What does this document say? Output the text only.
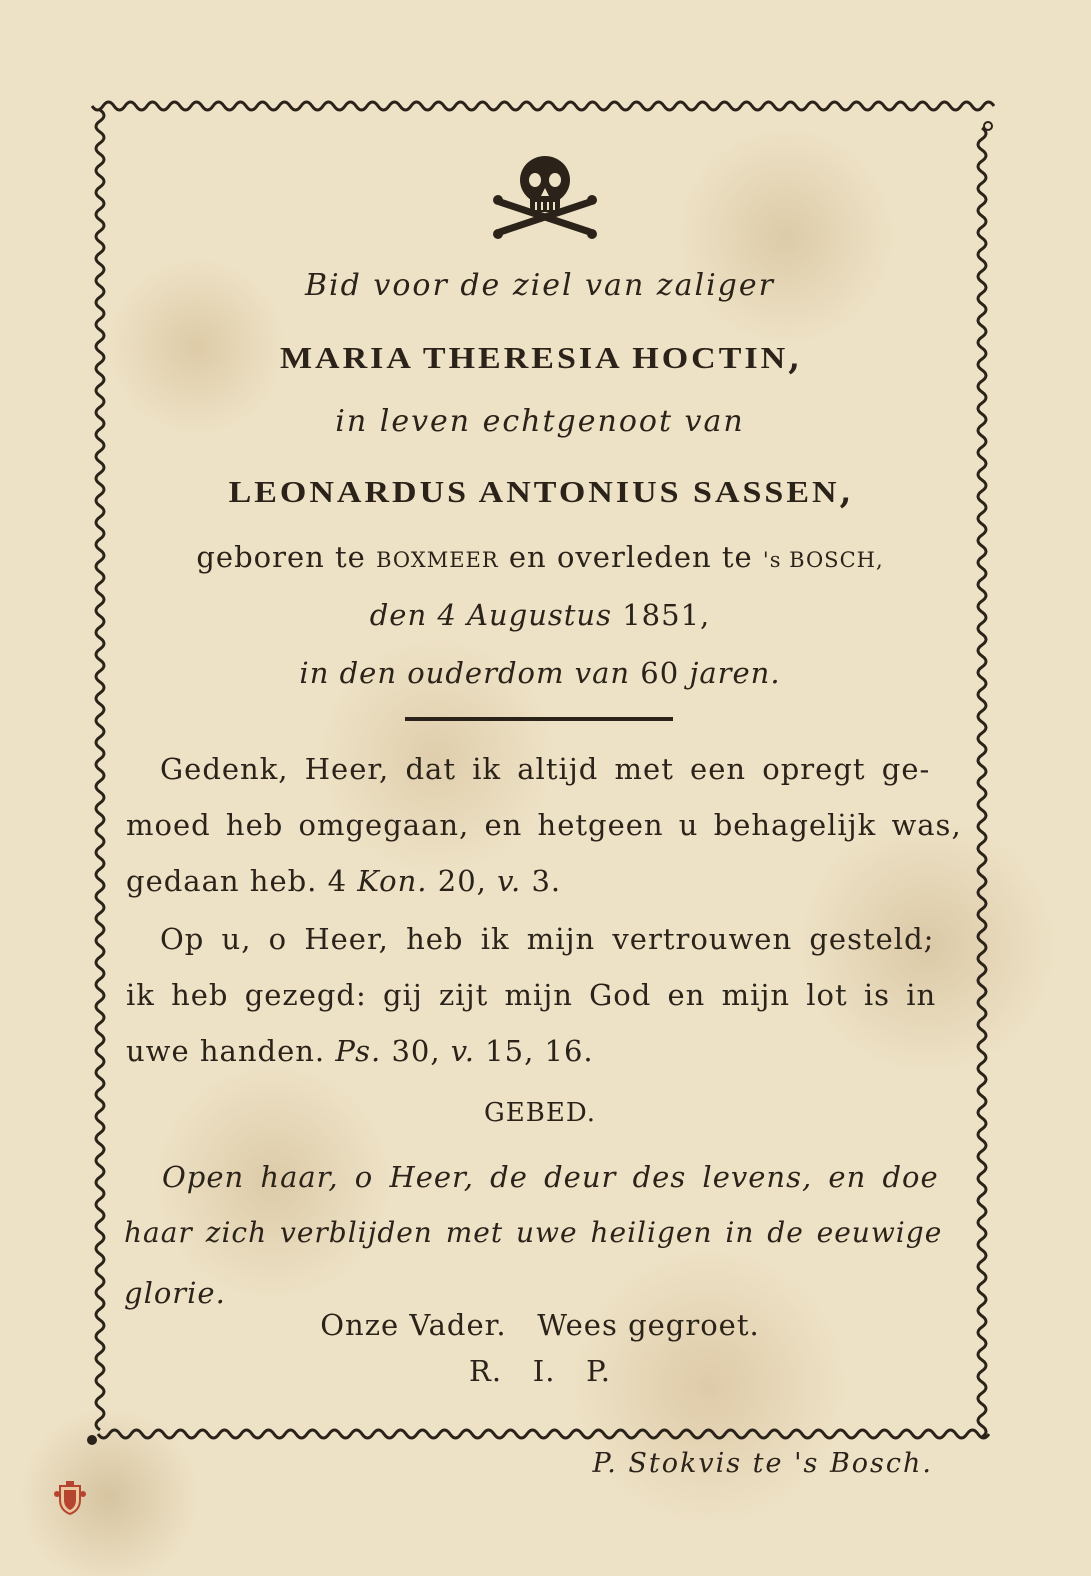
Bid voor de ziel van zaliger
MARIA THERESIA HOCTIN,
in leven echtgenoot van
LEONARDUS ANTONIUS SASSEN,
geboren te BOXMEER en overleden te 's BOSCH,
den 4 Augustus 1851,
in den ouderdom van 60 jaren.
Gedenk, Heer, dat ik altijd met een opregt ge-
moed heb omgegaan, en hetgeen u behagelijk was,
gedaan heb. 4 Kon. 20, v. 3.
Op u, o Heer, heb ik mijn vertrouwen gesteld;
ik heb gezegd: gij zijt mijn God en mijn lot is in
uwe handen. Ps. 30, v. 15, 16.
GEBED.
Open haar, o Heer, de deur des levens, en doe
haar zich verblijden met uwe heiligen in de eeuwige
glorie.
Onze Vader.   Wees gegroet.
R.   I.   P.
P. Stokvis te 's Bosch.
